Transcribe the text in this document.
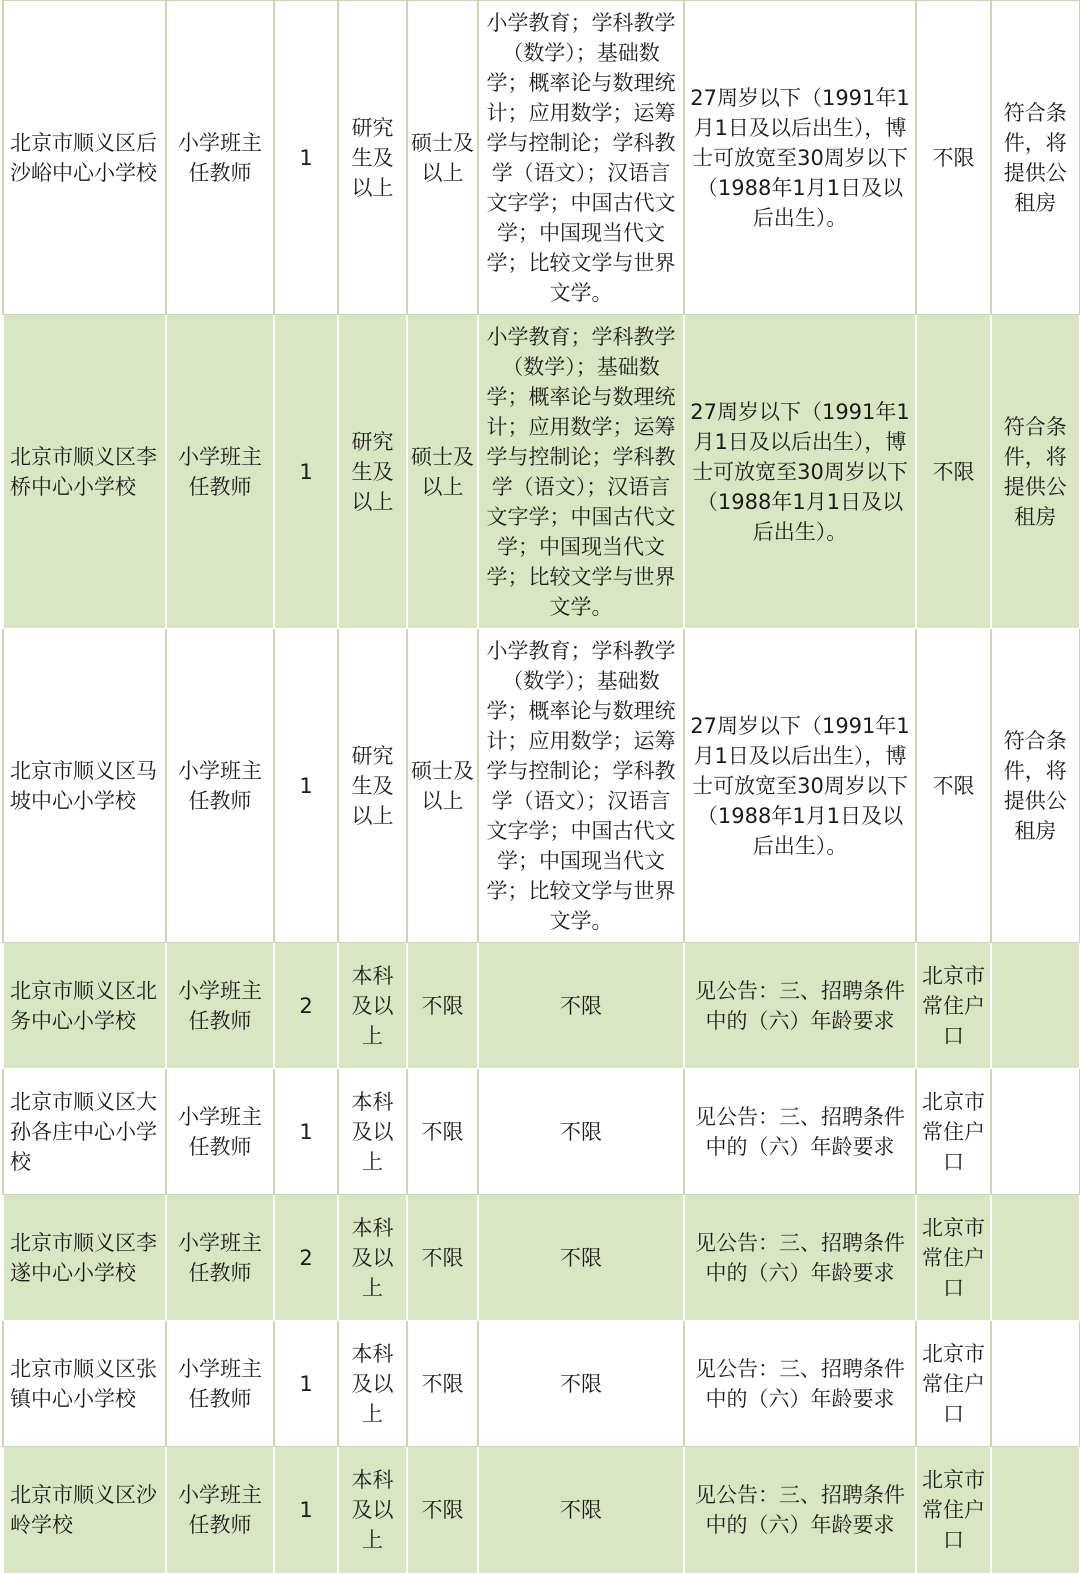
北京市顺义区后沙峪中心小学校	小学班主任教师	1	研究生及以上	硕士及以上	小学教育；学科教学（数学）；基础数学；概率论与数理统计；应用数学；运筹学与控制论；学科教学（语文）；汉语言文字学；中国古代文学；中国现当代文学；比较文学与世界文学。	27周岁以下（1991年1月1日及以后出生），博士可放宽至30周岁以下（1988年1月1日及以后出生）。	不限	符合条件，将提供公租房
北京市顺义区李桥中心小学校	小学班主任教师	1	研究生及以上	硕士及以上	小学教育；学科教学（数学）；基础数学；概率论与数理统计；应用数学；运筹学与控制论；学科教学（语文）；汉语言文字学；中国古代文学；中国现当代文学；比较文学与世界文学。	27周岁以下（1991年1月1日及以后出生），博士可放宽至30周岁以下（1988年1月1日及以后出生）。	不限	符合条件，将提供公租房
北京市顺义区马坡中心小学校	小学班主任教师	1	研究生及以上	硕士及以上	小学教育；学科教学（数学）；基础数学；概率论与数理统计；应用数学；运筹学与控制论；学科教学（语文）；汉语言文字学；中国古代文学；中国现当代文学；比较文学与世界文学。	27周岁以下（1991年1月1日及以后出生），博士可放宽至30周岁以下（1988年1月1日及以后出生）。	不限	符合条件，将提供公租房
北京市顺义区北务中心小学校	小学班主任教师	2	本科及以上	不限	不限	见公告：三、招聘条件中的（六）年龄要求	北京市常住户口	
北京市顺义区大孙各庄中心小学校	小学班主任教师	1	本科及以上	不限	不限	见公告：三、招聘条件中的（六）年龄要求	北京市常住户口	
北京市顺义区李遂中心小学校	小学班主任教师	2	本科及以上	不限	不限	见公告：三、招聘条件中的（六）年龄要求	北京市常住户口	
北京市顺义区张镇中心小学校	小学班主任教师	1	本科及以上	不限	不限	见公告：三、招聘条件中的（六）年龄要求	北京市常住户口	
北京市顺义区沙岭学校	小学班主任教师	1	本科及以上	不限	不限	见公告：三、招聘条件中的（六）年龄要求	北京市常住户口	
